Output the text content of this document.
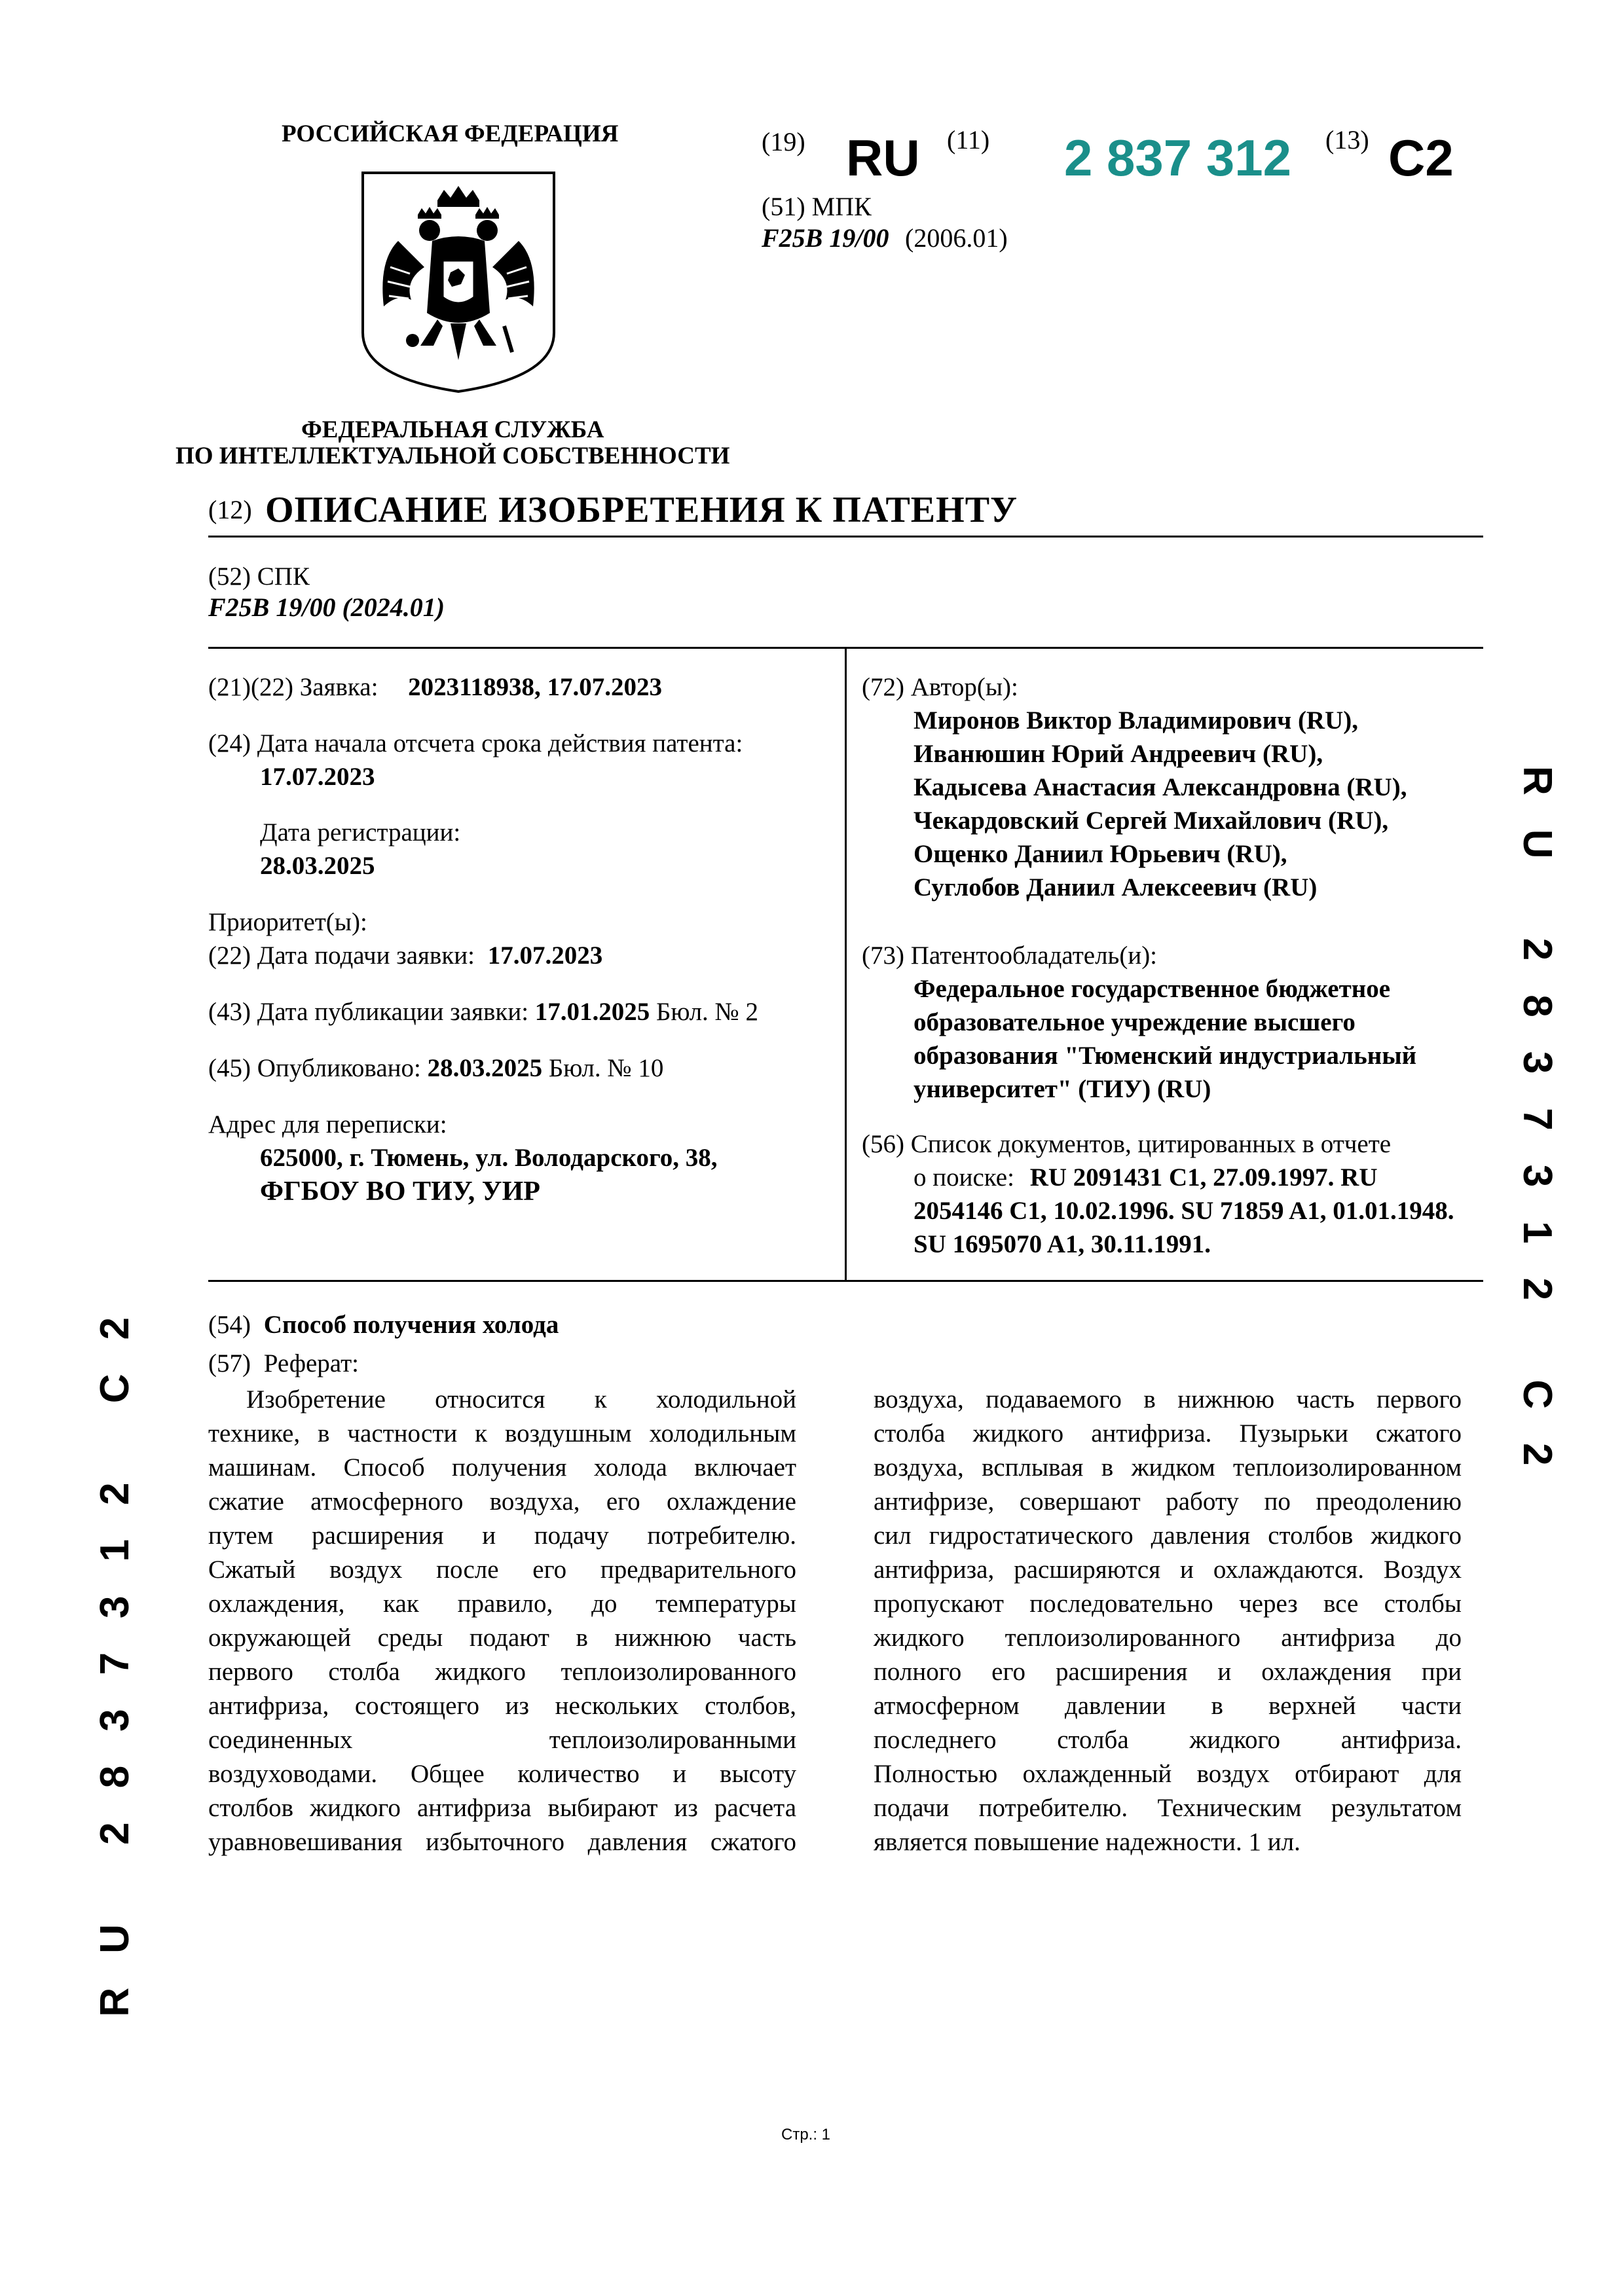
РОССИЙСКАЯ ФЕДЕРАЦИЯ
ФЕДЕРАЛЬНАЯ СЛУЖБА
ПО ИНТЕЛЛЕКТУАЛЬНОЙ СОБСТВЕННОСТИ
(19) RU (11) 2 837 312 (13) C2
(51) МПК
F25B 19/00 (2006.01)
(12) ОПИСАНИЕ ИЗОБРЕТЕНИЯ К ПАТЕНТУ
(52) СПК
F25B 19/00 (2024.01)
(21)(22) Заявка: 2023118938, 17.07.2023
(24) Дата начала отсчета срока действия патента:
17.07.2023
Дата регистрации:
28.03.2025
Приоритет(ы):
(22) Дата подачи заявки: 17.07.2023
(43) Дата публикации заявки: 17.01.2025 Бюл. № 2
(45) Опубликовано: 28.03.2025 Бюл. № 10
Адрес для переписки:
625000, г. Тюмень, ул. Володарского, 38,
ФГБОУ ВО ТИУ, УИР
(72) Автор(ы):
Миронов Виктор Владимирович (RU),
Иванюшин Юрий Андреевич (RU),
Кадысева Анастасия Александровна (RU),
Чекардовский Сергей Михайлович (RU),
Ощенко Даниил Юрьевич (RU),
Суглобов Даниил Алексеевич (RU)
(73) Патентообладатель(и):
Федеральное государственное бюджетное
образовательное учреждение высшего
образования "Тюменский индустриальный
университет" (ТИУ) (RU)
(56) Список документов, цитированных в отчете
о поиске: RU 2091431 C1, 27.09.1997. RU
2054146 C1, 10.02.1996. SU 71859 A1, 01.01.1948.
SU 1695070 A1, 30.11.1991.
(54) Способ получения холода
(57) Реферат:
Изобретение относится к холодильной
технике, в частности к воздушным холодильным
машинам. Способ получения холода включает
сжатие атмосферного воздуха, его охлаждение
путем расширения и подачу потребителю.
Сжатый воздух после его предварительного
охлаждения, как правило, до температуры
окружающей среды подают в нижнюю часть
первого столба жидкого теплоизолированного
антифриза, состоящего из нескольких столбов,
соединенных теплоизолированными
воздуховодами. Общее количество и высоту
столбов жидкого антифриза выбирают из расчета
уравновешивания избыточного давления сжатого
воздуха, подаваемого в нижнюю часть первого
столба жидкого антифриза. Пузырьки сжатого
воздуха, всплывая в жидком теплоизолированном
антифризе, совершают работу по преодолению
сил гидростатического давления столбов жидкого
антифриза, расширяются и охлаждаются. Воздух
пропускают последовательно через все столбы
жидкого теплоизолированного антифриза до
полного его расширения и охлаждения при
атмосферном давлении в верхней части
последнего столба жидкого антифриза.
Полностью охлажденный воздух отбирают для
подачи потребителю. Техническим результатом
является повышение надежности. 1 ил.
RU 2837312 C2
RU 2837312 C2
Стр.: 1
